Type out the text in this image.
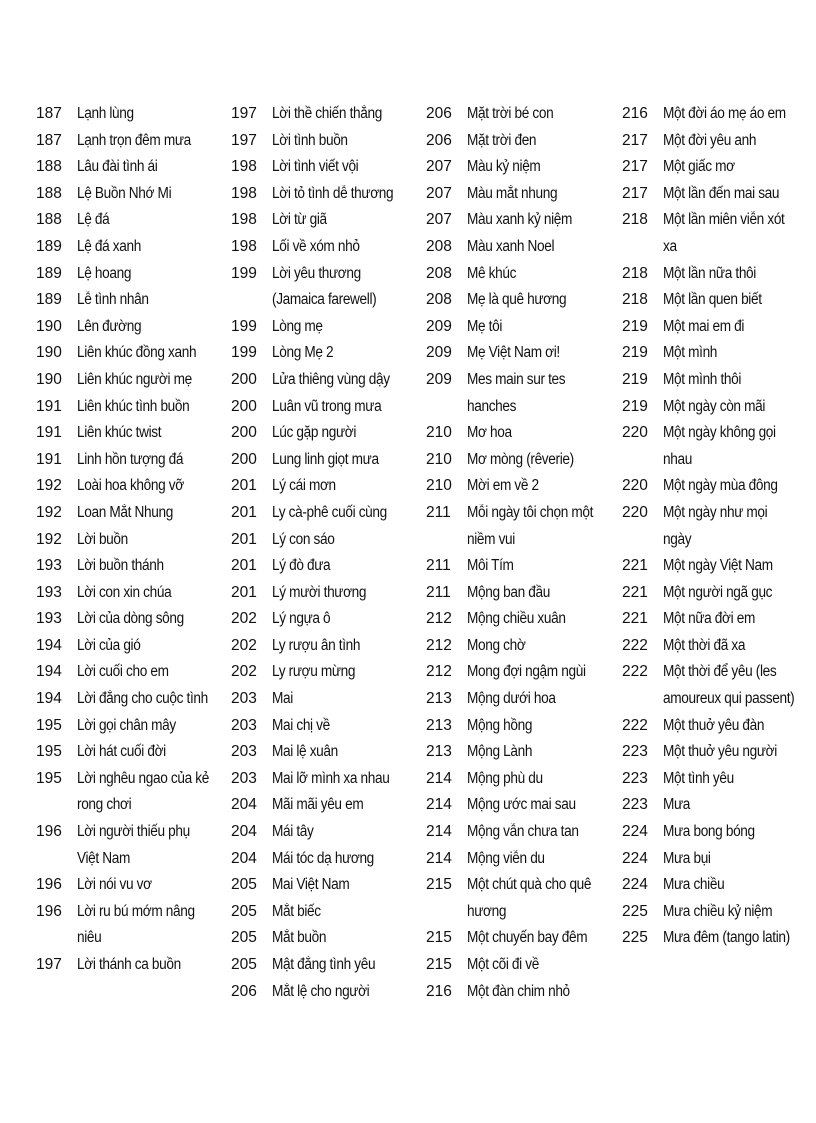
187 Lạnh lùng
187 Lạnh trọn đêm mưa
188 Lâu đài tình ái
188 Lệ Buồn Nhớ Mi
188 Lệ đá
189 Lệ đá xanh
189 Lệ hoang
189 Lễ tình nhân
190 Lên đường
190 Liên khúc đồng xanh
190 Liên khúc người mẹ
191 Liên khúc tình buồn
191 Liên khúc twist
191 Linh hồn tượng đá
192 Loài hoa không vỡ
192 Loan Mắt Nhung
192 Lời buồn
193 Lời buồn thánh
193 Lời con xin chúa
193 Lời của dòng sông
194 Lời của gió
194 Lời cuối cho em
194 Lời đắng cho cuộc tình
195 Lời gọi chân mây
195 Lời hát cuối đời
195 Lời nghêu ngao của kẻ rong chơi
196 Lời người thiếu phụ Việt Nam
196 Lời nói vu vơ
196 Lời ru bú mớm nâng niêu
197 Lời thánh ca buồn
197 Lời thề chiến thắng
197 Lời tình buồn
198 Lời tình viết vội
198 Lời tỏ tình dễ thương
198 Lời từ giã
198 Lối về xóm nhỏ
199 Lời yêu thương (Jamaica farewell)
199 Lòng mẹ
199 Lòng Mẹ 2
200 Lửa thiêng vùng dậy
200 Luân vũ trong mưa
200 Lúc gặp người
200 Lung linh giọt mưa
201 Lý cái mơn
201 Ly cà-phê cuối cùng
201 Lý con sáo
201 Lý đò đưa
201 Lý mười thương
202 Lý ngựa ô
202 Ly rượu ân tình
202 Ly rượu mừng
203 Mai
203 Mai chị về
203 Mai lệ xuân
203 Mai lỡ mình xa nhau
204 Mãi mãi yêu em
204 Mái tây
204 Mái tóc dạ hương
205 Mai Việt Nam
205 Mắt biếc
205 Mắt buồn
205 Mật đắng tình yêu
206 Mắt lệ cho người
206 Mặt trời bé con
206 Mặt trời đen
207 Màu kỷ niệm
207 Màu mắt nhung
207 Màu xanh kỷ niệm
208 Màu xanh Noel
208 Mê khúc
208 Mẹ là quê hương
209 Mẹ tôi
209 Mẹ Việt Nam ơi!
209 Mes main sur tes hanches
210 Mơ hoa
210 Mơ mòng (rêverie)
210 Mời em về 2
211	Mỗi ngày tôi chọn một niềm vui
211	Môi Tím
211	Mộng ban đầu
212 Mộng chiều xuân
212 Mong chờ
212 Mong đợi ngậm ngùi
213 Mộng dưới hoa
213 Mộng hồng
213 Mộng Lành
214 Mộng phù du
214 Mộng ước mai sau
214 Mộng vẫn chưa tan
214 Mộng viễn du
215 Một chút quà cho quê hương
215 Một chuyến bay đêm
215 Một cõi đi về
216 Một đàn chim nhỏ
216 Một đời áo mẹ áo em
217 Một đời yêu anh
217 Một giấc mơ
217 Một lần đến mai sau
218 Một lần miên viễn xót xa
218 Một lần nữa thôi
218 Một lần quen biết
219 Một mai em đi
219 Một mình
219 Một mình thôi
219 Một ngày còn mãi
220 Một ngày không gọi nhau
220 Một ngày mùa đông
220 Một ngày như mọi ngày
221 Một ngày Việt Nam
221 Một người ngã gục
221 Một nữa đời em
222 Một thời đã xa
222 Một thời để yêu (les amoureux qui passent)
222 Một thuở yêu đàn
223 Một thuở yêu người
223 Một tình yêu
223 Mưa
224 Mưa bong bóng
224 Mưa bụi
224 Mưa chiều
225 Mưa chiều kỷ niệm
225 Mưa đêm (tango latin)
